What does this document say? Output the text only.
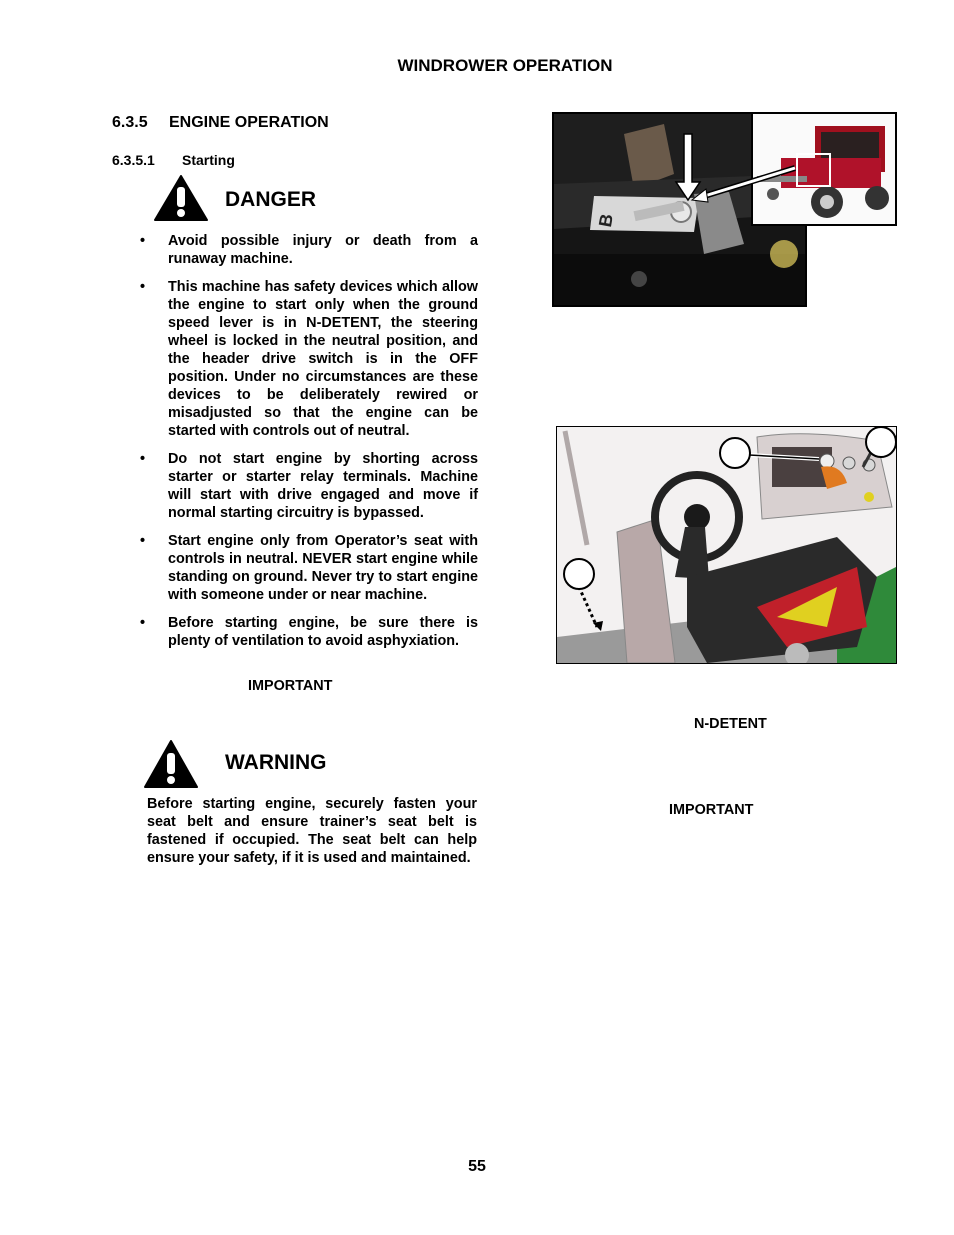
WINDROWER OPERATION
6.3.5 ENGINE OPERATION
6.3.5.1 Starting
DANGER
• Avoid possible injury or death from a runaway machine.
• This machine has safety devices which allow the engine to start only when the ground speed lever is in N-DETENT, the steering wheel is locked in the neutral position, and the header drive switch is in the OFF position. Under no circumstances are these devices to be deliberately rewired or misadjusted so that the engine can be started with controls out of neutral.
• Do not start engine by shorting across starter or starter relay terminals. Machine will start with drive engaged and move if normal starting circuitry is bypassed.
• Start engine only from Operator’s seat with controls in neutral. NEVER start engine while standing on ground. Never try to start engine with someone under or near machine.
• Before starting engine, be sure there is plenty of ventilation to avoid asphyxiation.
IMPORTANT
WARNING
Before starting engine, securely fasten your seat belt and ensure trainer’s seat belt is fastened if occupied. The seat belt can help ensure your safety, if it is used and maintained.
B
N-DETENT
IMPORTANT
55
